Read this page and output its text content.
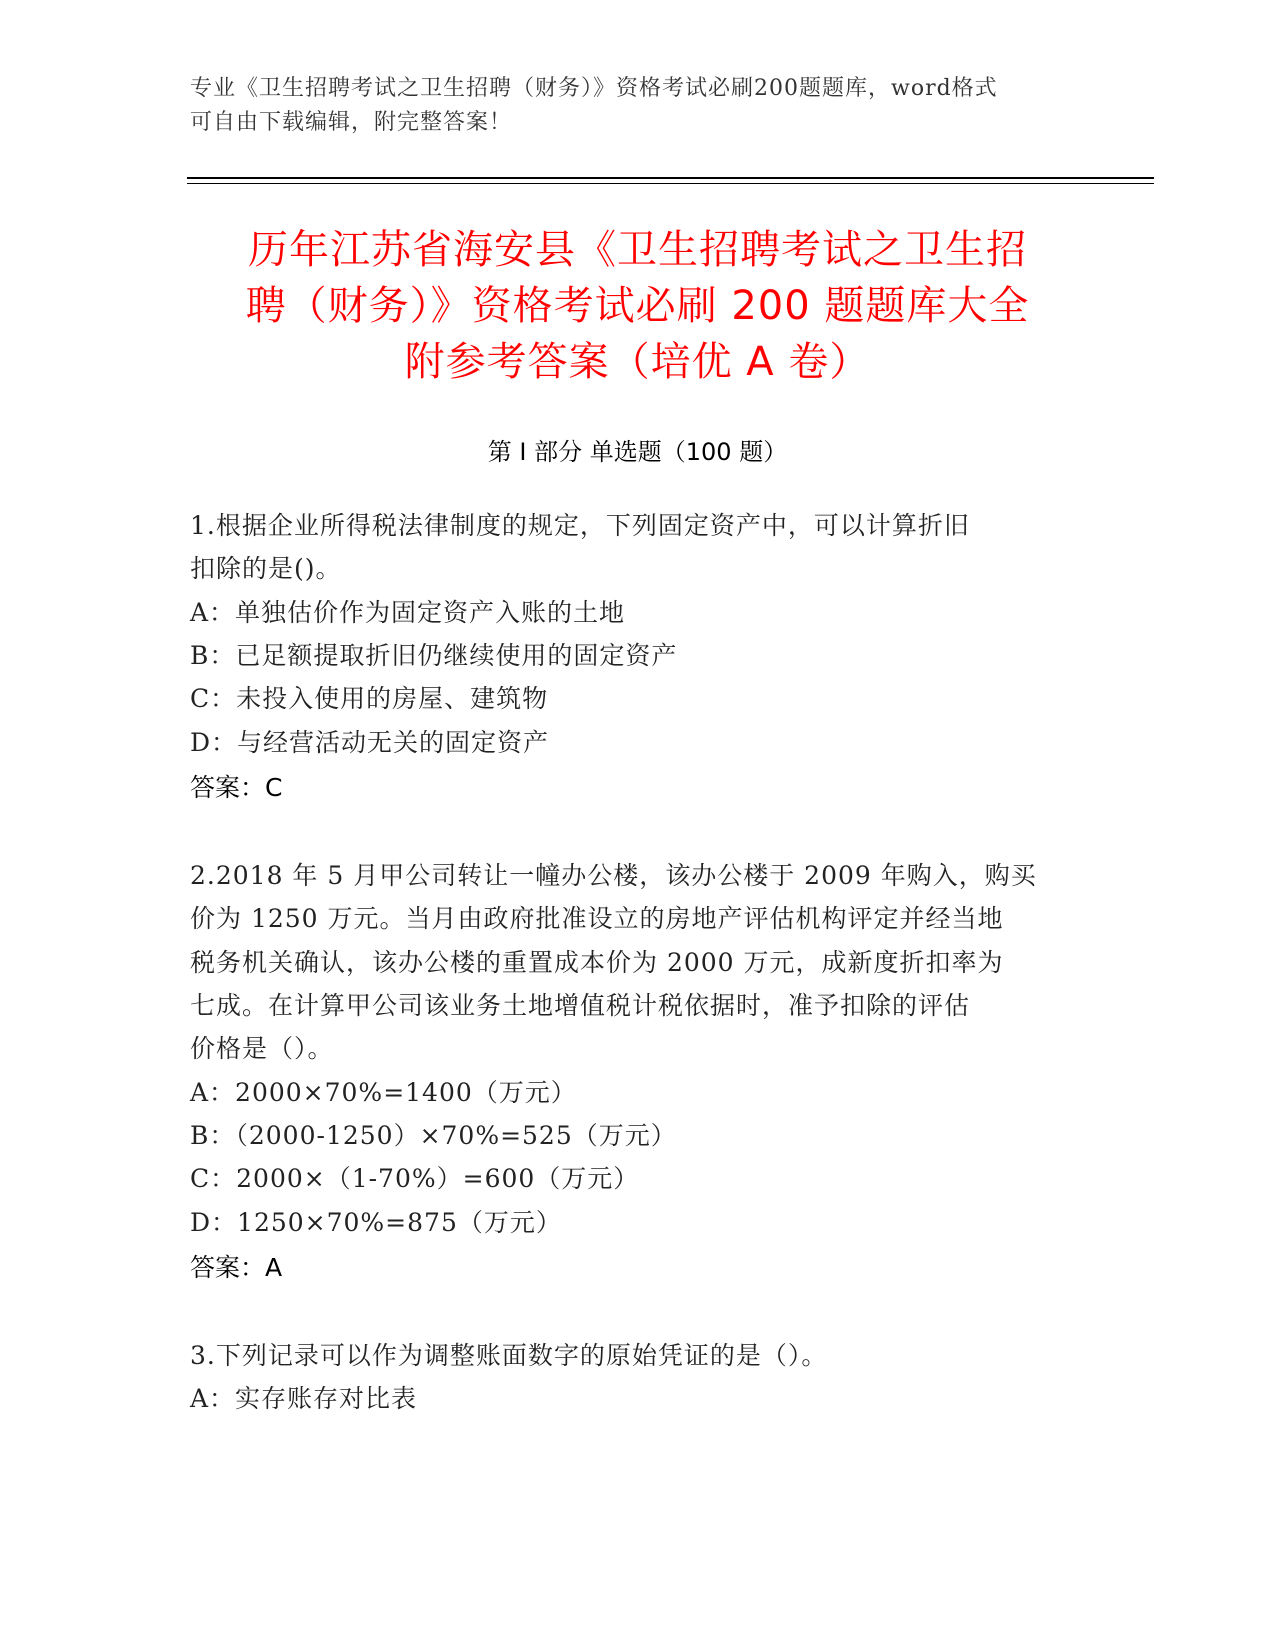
专业《卫生招聘考试之卫生招聘（财务）》资格考试必刷200题题库，word格式
可自由下载编辑，附完整答案！
历年江苏省海安县《卫生招聘考试之卫生招
聘（财务）》资格考试必刷 200 题题库大全
附参考答案（培优 A 卷）
第 I 部分 单选题（100 题）
1.根据企业所得税法律制度的规定，下列固定资产中，可以计算折旧
扣除的是()。
A：单独估价作为固定资产入账的土地
B：已足额提取折旧仍继续使用的固定资产
C：未投入使用的房屋、建筑物
D：与经营活动无关的固定资产
答案：C
2.2018 年 5 月甲公司转让一幢办公楼，该办公楼于 2009 年购入，购买
价为 1250 万元。当月由政府批准设立的房地产评估机构评定并经当地
税务机关确认，该办公楼的重置成本价为 2000 万元，成新度折扣率为
七成。在计算甲公司该业务土地增值税计税依据时，准予扣除的评估
价格是（）。
A：2000×70%=1400（万元）
B：（2000-1250）×70%=525（万元）
C：2000×（1-70%）=600（万元）
D：1250×70%=875（万元）
答案：A
3.下列记录可以作为调整账面数字的原始凭证的是（）。
A：实存账存对比表
